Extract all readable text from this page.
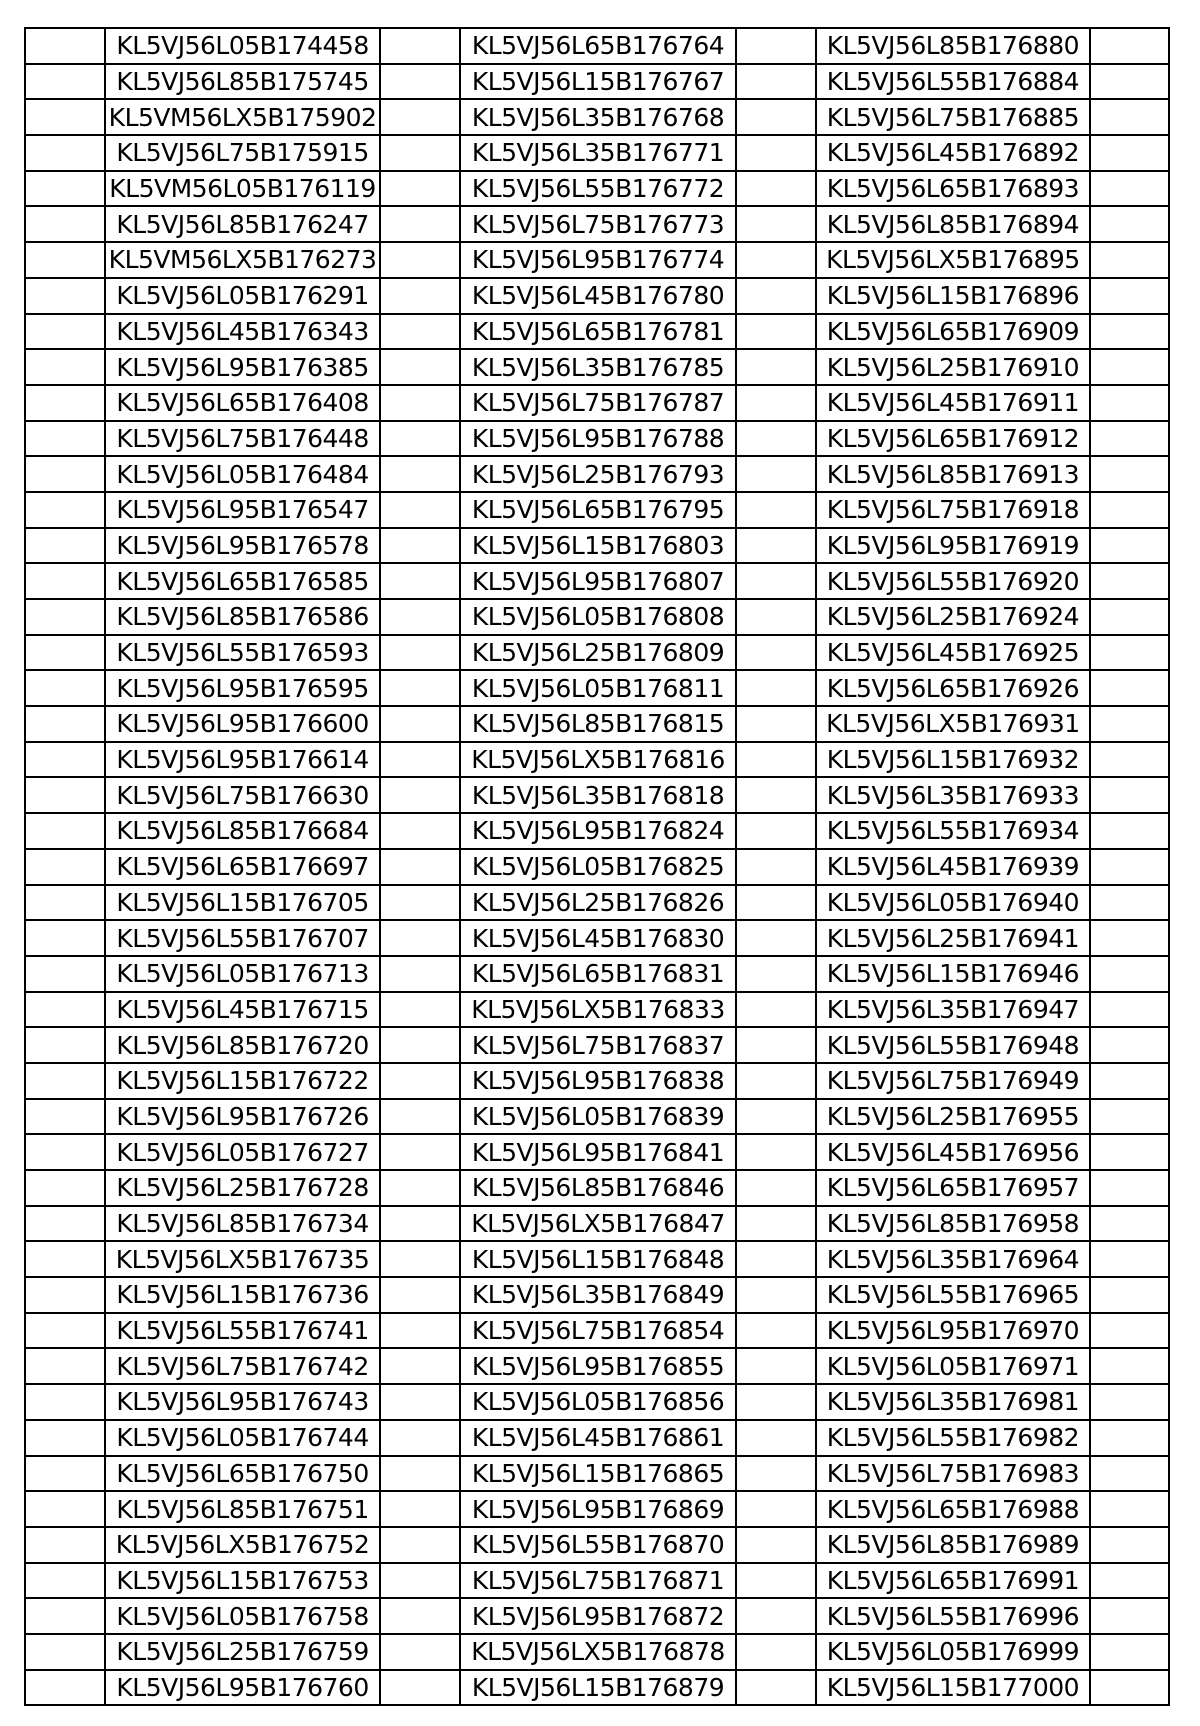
	KL5VJ56L05B174458		KL5VJ56L65B176764		KL5VJ56L85B176880	
	KL5VJ56L85B175745		KL5VJ56L15B176767		KL5VJ56L55B176884	
	KL5VM56LX5B175902		KL5VJ56L35B176768		KL5VJ56L75B176885	
	KL5VJ56L75B175915		KL5VJ56L35B176771		KL5VJ56L45B176892	
	KL5VM56L05B176119		KL5VJ56L55B176772		KL5VJ56L65B176893	
	KL5VJ56L85B176247		KL5VJ56L75B176773		KL5VJ56L85B176894	
	KL5VM56LX5B176273		KL5VJ56L95B176774		KL5VJ56LX5B176895	
	KL5VJ56L05B176291		KL5VJ56L45B176780		KL5VJ56L15B176896	
	KL5VJ56L45B176343		KL5VJ56L65B176781		KL5VJ56L65B176909	
	KL5VJ56L95B176385		KL5VJ56L35B176785		KL5VJ56L25B176910	
	KL5VJ56L65B176408		KL5VJ56L75B176787		KL5VJ56L45B176911	
	KL5VJ56L75B176448		KL5VJ56L95B176788		KL5VJ56L65B176912	
	KL5VJ56L05B176484		KL5VJ56L25B176793		KL5VJ56L85B176913	
	KL5VJ56L95B176547		KL5VJ56L65B176795		KL5VJ56L75B176918	
	KL5VJ56L95B176578		KL5VJ56L15B176803		KL5VJ56L95B176919	
	KL5VJ56L65B176585		KL5VJ56L95B176807		KL5VJ56L55B176920	
	KL5VJ56L85B176586		KL5VJ56L05B176808		KL5VJ56L25B176924	
	KL5VJ56L55B176593		KL5VJ56L25B176809		KL5VJ56L45B176925	
	KL5VJ56L95B176595		KL5VJ56L05B176811		KL5VJ56L65B176926	
	KL5VJ56L95B176600		KL5VJ56L85B176815		KL5VJ56LX5B176931	
	KL5VJ56L95B176614		KL5VJ56LX5B176816		KL5VJ56L15B176932	
	KL5VJ56L75B176630		KL5VJ56L35B176818		KL5VJ56L35B176933	
	KL5VJ56L85B176684		KL5VJ56L95B176824		KL5VJ56L55B176934	
	KL5VJ56L65B176697		KL5VJ56L05B176825		KL5VJ56L45B176939	
	KL5VJ56L15B176705		KL5VJ56L25B176826		KL5VJ56L05B176940	
	KL5VJ56L55B176707		KL5VJ56L45B176830		KL5VJ56L25B176941	
	KL5VJ56L05B176713		KL5VJ56L65B176831		KL5VJ56L15B176946	
	KL5VJ56L45B176715		KL5VJ56LX5B176833		KL5VJ56L35B176947	
	KL5VJ56L85B176720		KL5VJ56L75B176837		KL5VJ56L55B176948	
	KL5VJ56L15B176722		KL5VJ56L95B176838		KL5VJ56L75B176949	
	KL5VJ56L95B176726		KL5VJ56L05B176839		KL5VJ56L25B176955	
	KL5VJ56L05B176727		KL5VJ56L95B176841		KL5VJ56L45B176956	
	KL5VJ56L25B176728		KL5VJ56L85B176846		KL5VJ56L65B176957	
	KL5VJ56L85B176734		KL5VJ56LX5B176847		KL5VJ56L85B176958	
	KL5VJ56LX5B176735		KL5VJ56L15B176848		KL5VJ56L35B176964	
	KL5VJ56L15B176736		KL5VJ56L35B176849		KL5VJ56L55B176965	
	KL5VJ56L55B176741		KL5VJ56L75B176854		KL5VJ56L95B176970	
	KL5VJ56L75B176742		KL5VJ56L95B176855		KL5VJ56L05B176971	
	KL5VJ56L95B176743		KL5VJ56L05B176856		KL5VJ56L35B176981	
	KL5VJ56L05B176744		KL5VJ56L45B176861		KL5VJ56L55B176982	
	KL5VJ56L65B176750		KL5VJ56L15B176865		KL5VJ56L75B176983	
	KL5VJ56L85B176751		KL5VJ56L95B176869		KL5VJ56L65B176988	
	KL5VJ56LX5B176752		KL5VJ56L55B176870		KL5VJ56L85B176989	
	KL5VJ56L15B176753		KL5VJ56L75B176871		KL5VJ56L65B176991	
	KL5VJ56L05B176758		KL5VJ56L95B176872		KL5VJ56L55B176996	
	KL5VJ56L25B176759		KL5VJ56LX5B176878		KL5VJ56L05B176999	
	KL5VJ56L95B176760		KL5VJ56L15B176879		KL5VJ56L15B177000	
